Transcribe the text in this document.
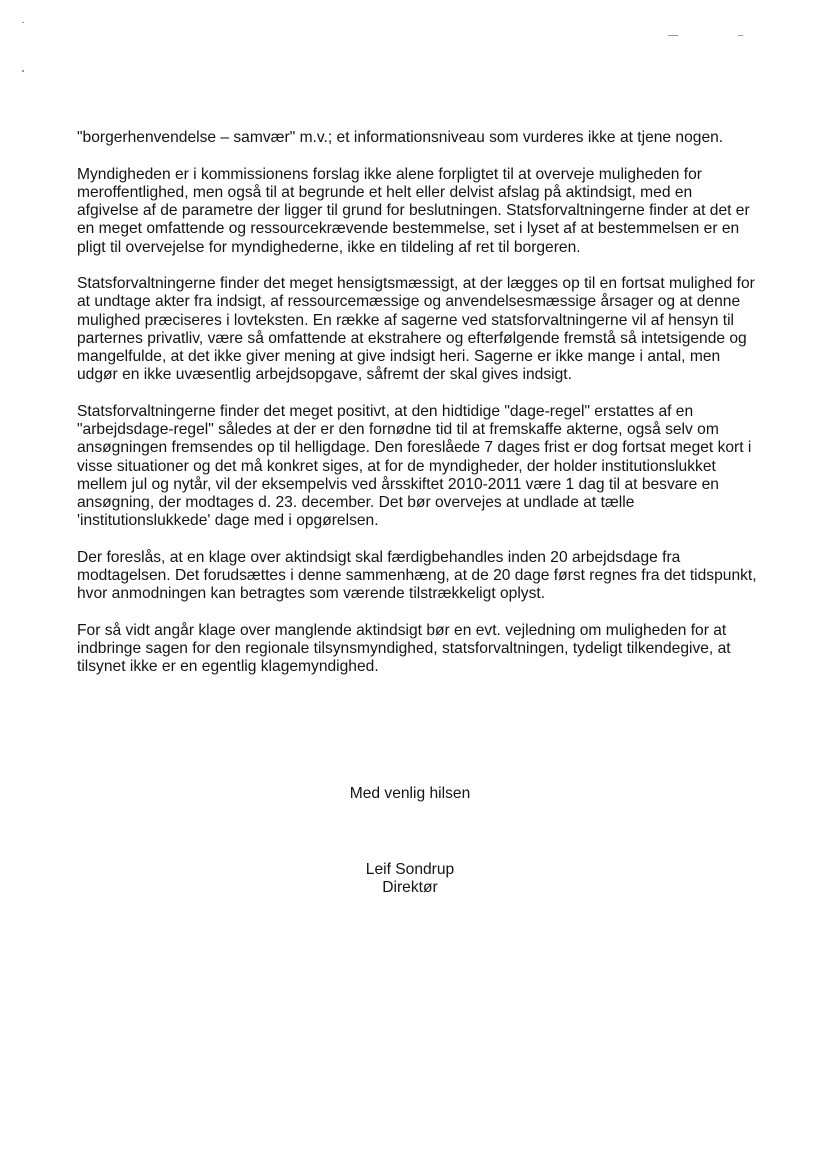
"borgerhenvendelse – samvær" m.v.; et informationsniveau som vurderes ikke at tjene nogen.

Myndigheden er i kommissionens forslag ikke alene forpligtet til at overveje muligheden for meroffentlighed, men også til at begrunde et helt eller delvist afslag på aktindsigt, med en afgivelse af de parametre der ligger til grund for beslutningen. Statsforvaltningerne finder at det er en meget omfattende og ressourcekrævende bestemmelse, set i lyset af at bestemmelsen er en pligt til overvejelse for myndighederne, ikke en tildeling af ret til borgeren.

Statsforvaltningerne finder det meget hensigtsmæssigt, at der lægges op til en fortsat mulighed for at undtage akter fra indsigt, af ressourcemæssige og anvendelsesmæssige årsager og at denne mulighed præciseres i lovteksten. En række af sagerne ved statsforvaltningerne vil af hensyn til parternes privatliv, være så omfattende at ekstrahere og efterfølgende fremstå så intetsigende og mangelfulde, at det ikke giver mening at give indsigt heri. Sagerne er ikke mange i antal, men udgør en ikke uvæsentlig arbejdsopgave, såfremt der skal gives indsigt.

Statsforvaltningerne finder det meget positivt, at den hidtidige "dage-regel" erstattes af en "arbejdsdage-regel" således at der er den fornødne tid til at fremskaffe akterne, også selv om ansøgningen fremsendes op til helligdage. Den foreslåede 7 dages frist er dog fortsat meget kort i visse situationer og det må konkret siges, at for de myndigheder, der holder institutionslukket mellem jul og nytår, vil der eksempelvis ved årsskiftet 2010-2011 være 1 dag til at besvare en ansøgning, der modtages d. 23. december. Det bør overvejes at undlade at tælle 'institutionslukkede' dage med i opgørelsen.

Der foreslås, at en klage over aktindsigt skal færdigbehandles inden 20 arbejdsdage fra modtagelsen. Det forudsættes i denne sammenhæng, at de 20 dage først regnes fra det tidspunkt, hvor anmodningen kan betragtes som værende tilstrækkeligt oplyst.

For så vidt angår klage over manglende aktindsigt bør en evt. vejledning om muligheden for at indbringe sagen for den regionale tilsynsmyndighed, statsforvaltningen, tydeligt tilkendegive, at tilsynet ikke er en egentlig klagemyndighed.

Med venlig hilsen

Leif Sondrup

Direktør
